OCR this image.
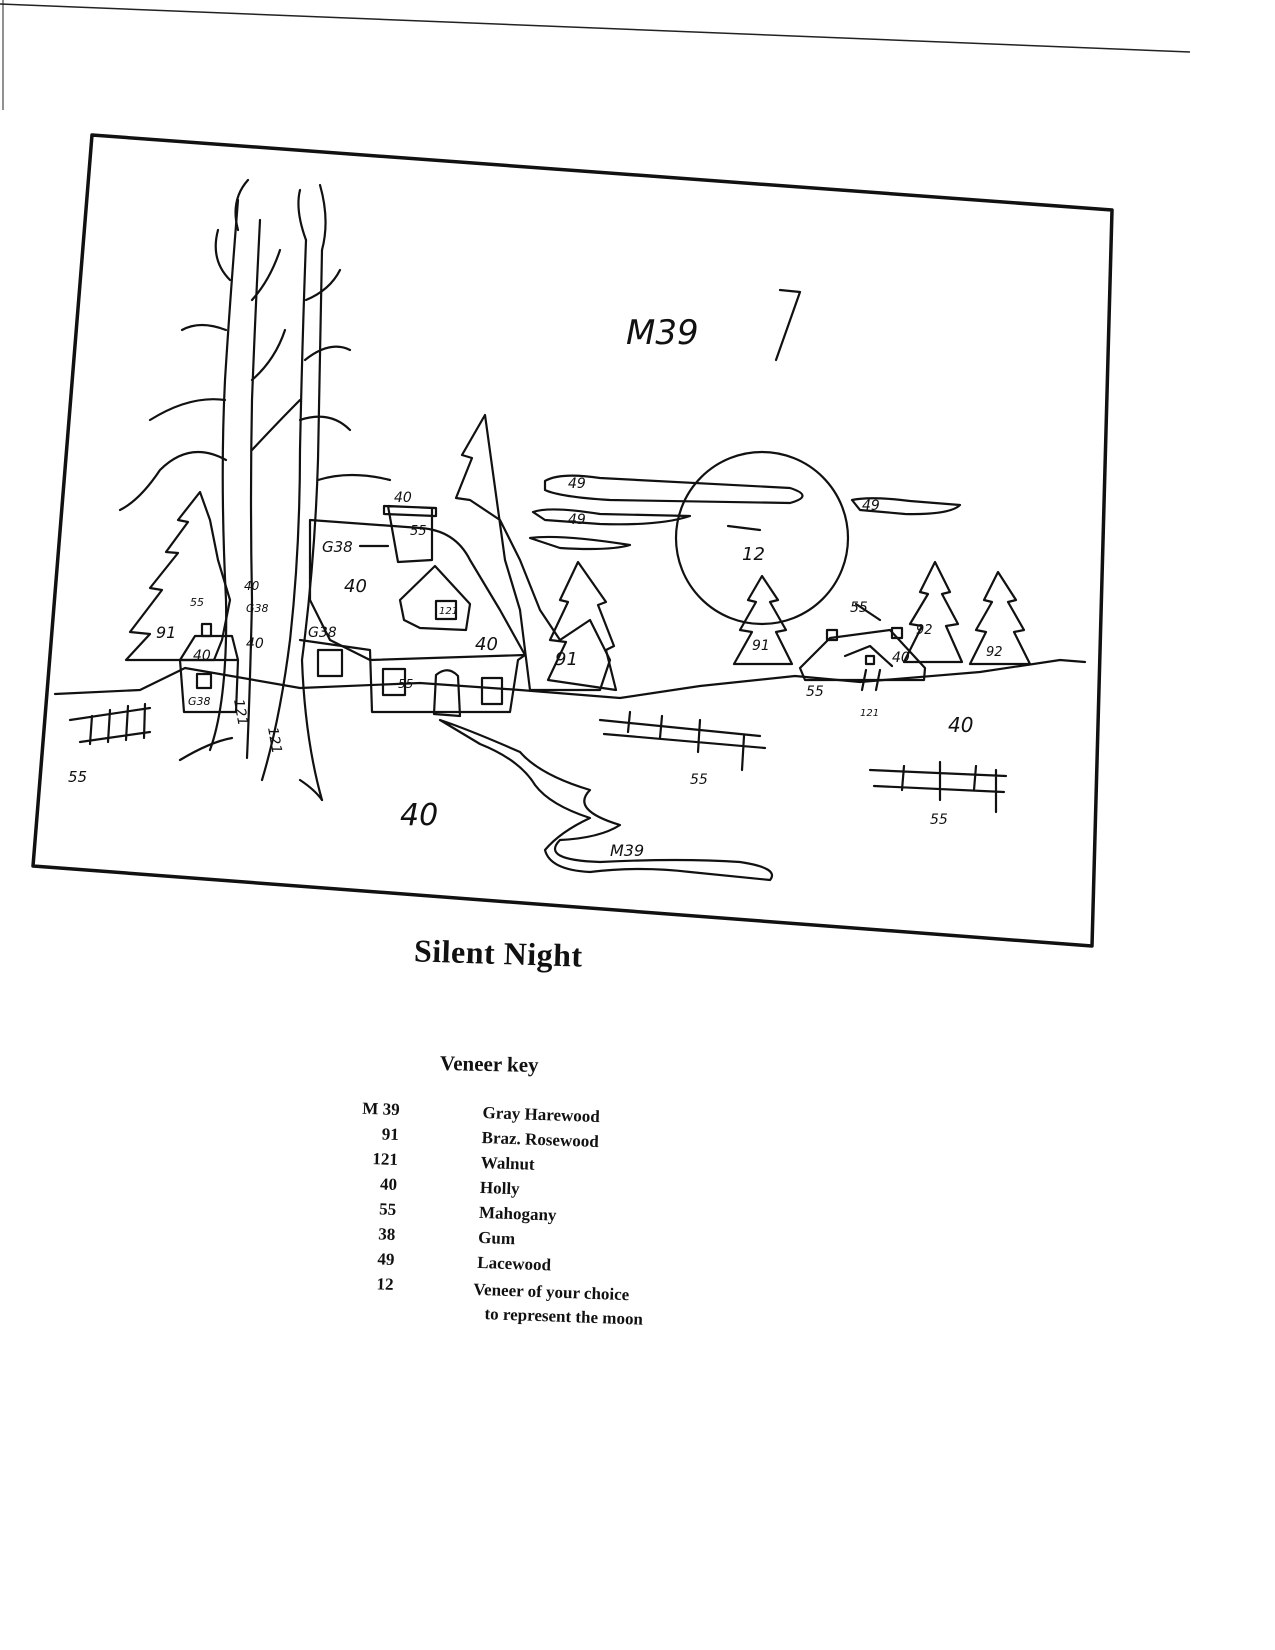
M39
12
49
49
49
40
G38
55
40
40
G38
121
91
91
40
G38
55
121
121
40
40
G38
91
92
92
40
55
55
121	40
40
M39
55	55
55
55
Silent Night
Veneer key
M 39	Gray Harewood
91	Braz. Rosewood
121	Walnut
40	Holly
55	Mahogany
38	Gum
49	Lacewood
12	Veneer of your choice
to represent the moon
